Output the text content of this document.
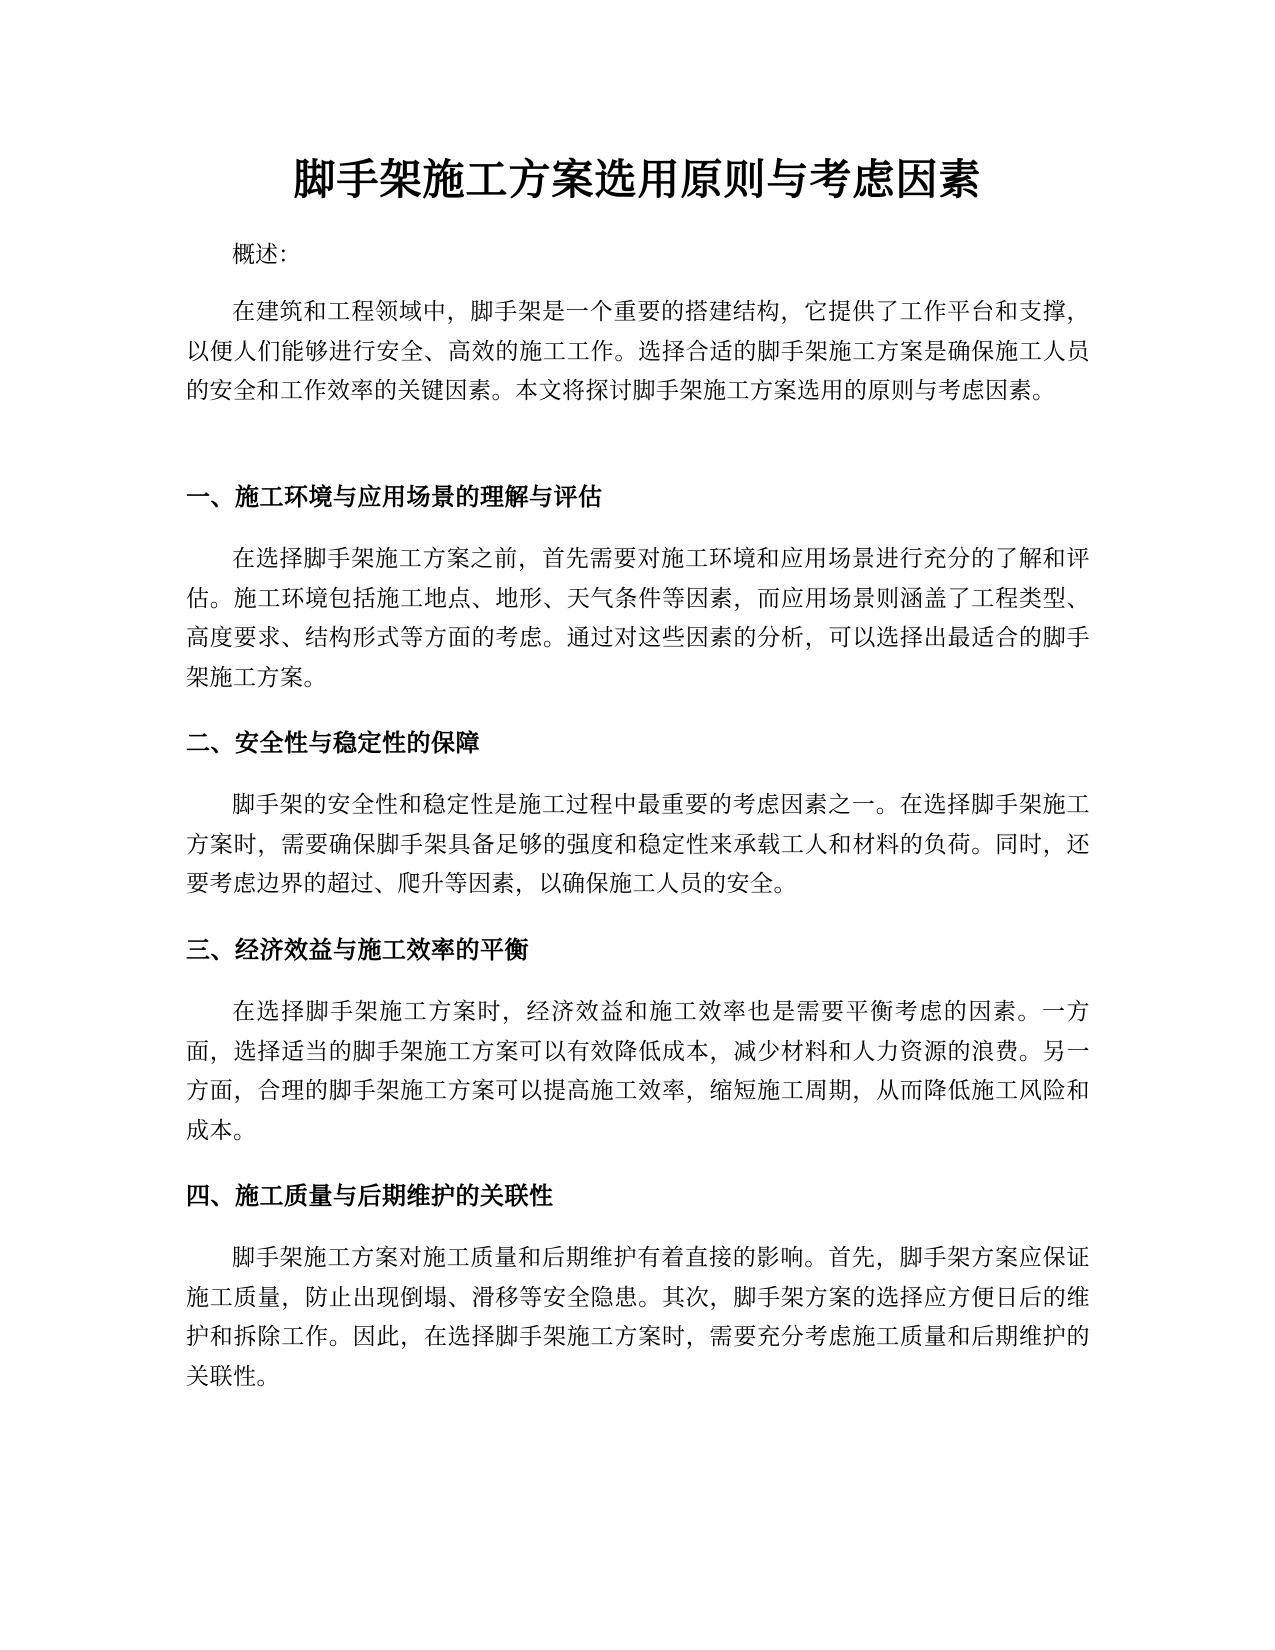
脚手架施工方案选用原则与考虑因素

概述：

在建筑和工程领域中，脚手架是一个重要的搭建结构，它提供了工作平台和支撑，以便人们能够进行安全、高效的施工工作。选择合适的脚手架施工方案是确保施工人员的安全和工作效率的关键因素。本文将探讨脚手架施工方案选用的原则与考虑因素。

一、施工环境与应用场景的理解与评估

在选择脚手架施工方案之前，首先需要对施工环境和应用场景进行充分的了解和评估。施工环境包括施工地点、地形、天气条件等因素，而应用场景则涵盖了工程类型、高度要求、结构形式等方面的考虑。通过对这些因素的分析，可以选择出最适合的脚手架施工方案。

二、安全性与稳定性的保障

脚手架的安全性和稳定性是施工过程中最重要的考虑因素之一。在选择脚手架施工方案时，需要确保脚手架具备足够的强度和稳定性来承载工人和材料的负荷。同时，还要考虑边界的超过、爬升等因素，以确保施工人员的安全。

三、经济效益与施工效率的平衡

在选择脚手架施工方案时，经济效益和施工效率也是需要平衡考虑的因素。一方面，选择适当的脚手架施工方案可以有效降低成本，减少材料和人力资源的浪费。另一方面，合理的脚手架施工方案可以提高施工效率，缩短施工周期，从而降低施工风险和成本。

四、施工质量与后期维护的关联性

脚手架施工方案对施工质量和后期维护有着直接的影响。首先，脚手架方案应保证施工质量，防止出现倒塌、滑移等安全隐患。其次，脚手架方案的选择应方便日后的维护和拆除工作。因此，在选择脚手架施工方案时，需要充分考虑施工质量和后期维护的关联性。
